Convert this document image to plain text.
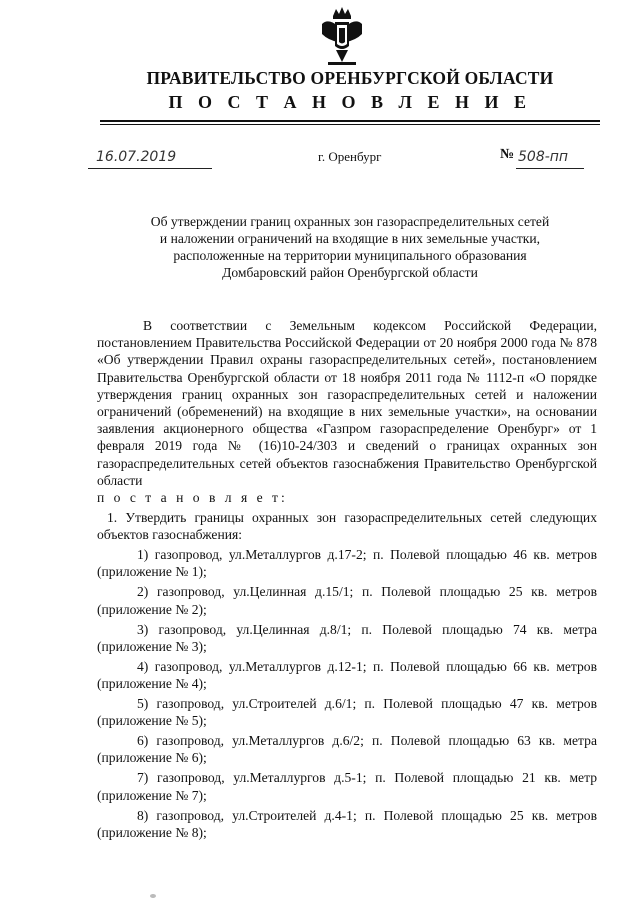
ПРАВИТЕЛЬСТВО ОРЕНБУРГСКОЙ ОБЛАСТИ
П О С Т А Н О В Л Е Н И Е
16.07.2019	г. Оренбург	№ 508-пп
Об утверждении границ охранных зон газораспределительных сетей
и наложении ограничений на входящие в них земельные участки,
расположенные на территории муниципального образования
Домбаровский район Оренбургской области

В соответствии с Земельным кодексом Российской Федерации, постановлением Правительства Российской Федерации от 20 ноября 2000 года № 878 «Об утверждении Правил охраны газораспределительных сетей», постановлением Правительства Оренбургской области от 18 ноября 2011 года № 1112-п «О порядке утверждения границ охранных зон газораспределительных сетей и наложении ограничений (обременений) на входящие в них земельные участки», на основании заявления акционерного общества «Газпром газораспределение Оренбург» от 1 февраля 2019 года № (16)10-24/303 и сведений о границах охранных зон газораспределительных сетей объектов газоснабжения Правительство Оренбургской области

п о с т а н о в л я е т:

1. Утвердить границы охранных зон газораспределительных сетей следующих объектов газоснабжения:

1) газопровод, ул.Металлургов д.17-2; п. Полевой площадью 46 кв. метров (приложение № 1);

2) газопровод, ул.Целинная д.15/1; п. Полевой площадью 25 кв. метров (приложение № 2);

3) газопровод, ул.Целинная д.8/1; п. Полевой площадью 74 кв. метра (приложение № 3);

4) газопровод, ул.Металлургов д.12-1; п. Полевой площадью 66 кв. метров (приложение № 4);

5) газопровод, ул.Строителей д.6/1; п. Полевой площадью 47 кв. метров (приложение № 5);

6) газопровод, ул.Металлургов д.6/2; п. Полевой площадью 63 кв. метра (приложение № 6);

7) газопровод, ул.Металлургов д.5-1; п. Полевой площадью 21 кв. метр (приложение № 7);

8) газопровод, ул.Строителей д.4-1; п. Полевой площадью 25 кв. метров (приложение № 8);
